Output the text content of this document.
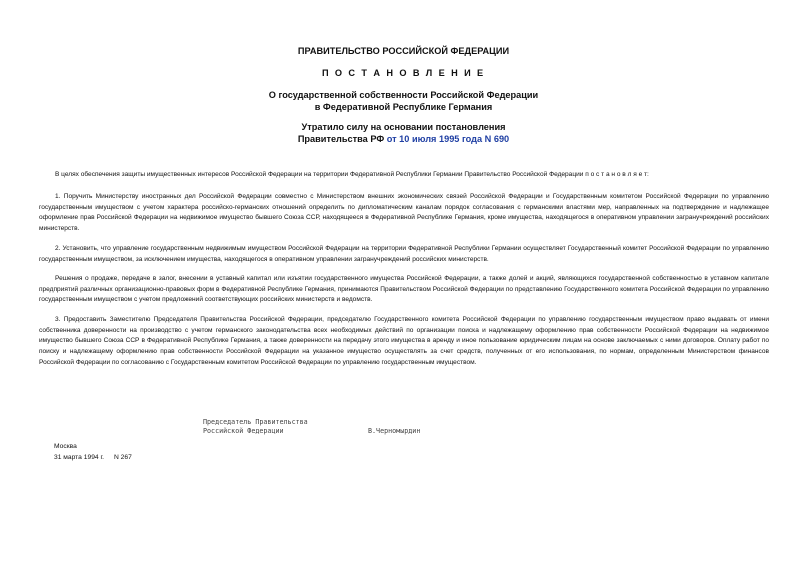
ПРАВИТЕЛЬСТВО РОССИЙСКОЙ ФЕДЕРАЦИИ
П О С Т А Н О В Л Е Н И Е
О государственной собственности Российской Федерации
в Федеративной Республике Германия
Утратило силу на основании постановления
Правительства РФ от 10 июля 1995 года N 690

В целях обеспечения защиты имущественных интересов Российской Федерации на территории Федеративной Республики Германии Правительство Российской Федерации п о с т а н о в л я е т:

1. Поручить Министерству иностранных дел Российской Федерации совместно с Министерством внешних экономических связей Российской Федерации и Государственным комитетом Российской Федерации по управлению государственным имуществом с учетом характера российско-германских отношений определить по дипломатическим каналам порядок согласования с германскими властями мер, направленных на подтверждение и надлежащее оформление прав Российской Федерации на недвижимое имущество бывшего Союза ССР, находящееся в Федеративной Республике Германия, кроме имущества, находящегося в оперативном управлении загранучреждений российских министерств.

2. Установить, что управление государственным недвижимым имуществом Российской Федерации на территории Федеративной Республики Германии осуществляет Государственный комитет Российской Федерации по управлению государственным имуществом, за исключением имущества, находящегося в оперативном управлении загранучреждений российских министерств.

Решения о продаже, передаче в залог, внесении в уставный капитал или изъятии государственного имущества Российской Федерации, а также долей и акций, являющихся государственной собственностью в уставном капитале предприятий различных организационно-правовых форм в Федеративной Республике Германия, принимаются Правительством Российской Федерации по представлению Государственного комитета Российской Федерации по управлению государственным имуществом с учетом предложений соответствующих российских министерств и ведомств.

3. Предоставить Заместителю Председателя Правительства Российской Федерации, председателю Государственного комитета Российской Федерации по управлению государственным имуществом право выдавать от имени собственника доверенности на производство с учетом германского законодательства всех необходимых действий по организации поиска и надлежащему оформлению прав собственности Российской Федерации на недвижимое имущество бывшего Союза ССР в Федеративной Республике Германия, а также доверенности на передачу этого имущества в аренду и иное пользование юридическим лицам на основе заключаемых с ними договоров. Оплату работ по поиску и надлежащему оформлению прав собственности Российской Федерации на указанное имущество осуществлять за счет средств, полученных от его использования, по нормам, определенным Министерством финансов Российской Федерации по согласованию с Государственным комитетом Российской Федерации по управлению государственным имуществом.

Председатель Правительства
Российской Федерации	В.Черномырдин
Москва
31 марта 1994 г. N 267
